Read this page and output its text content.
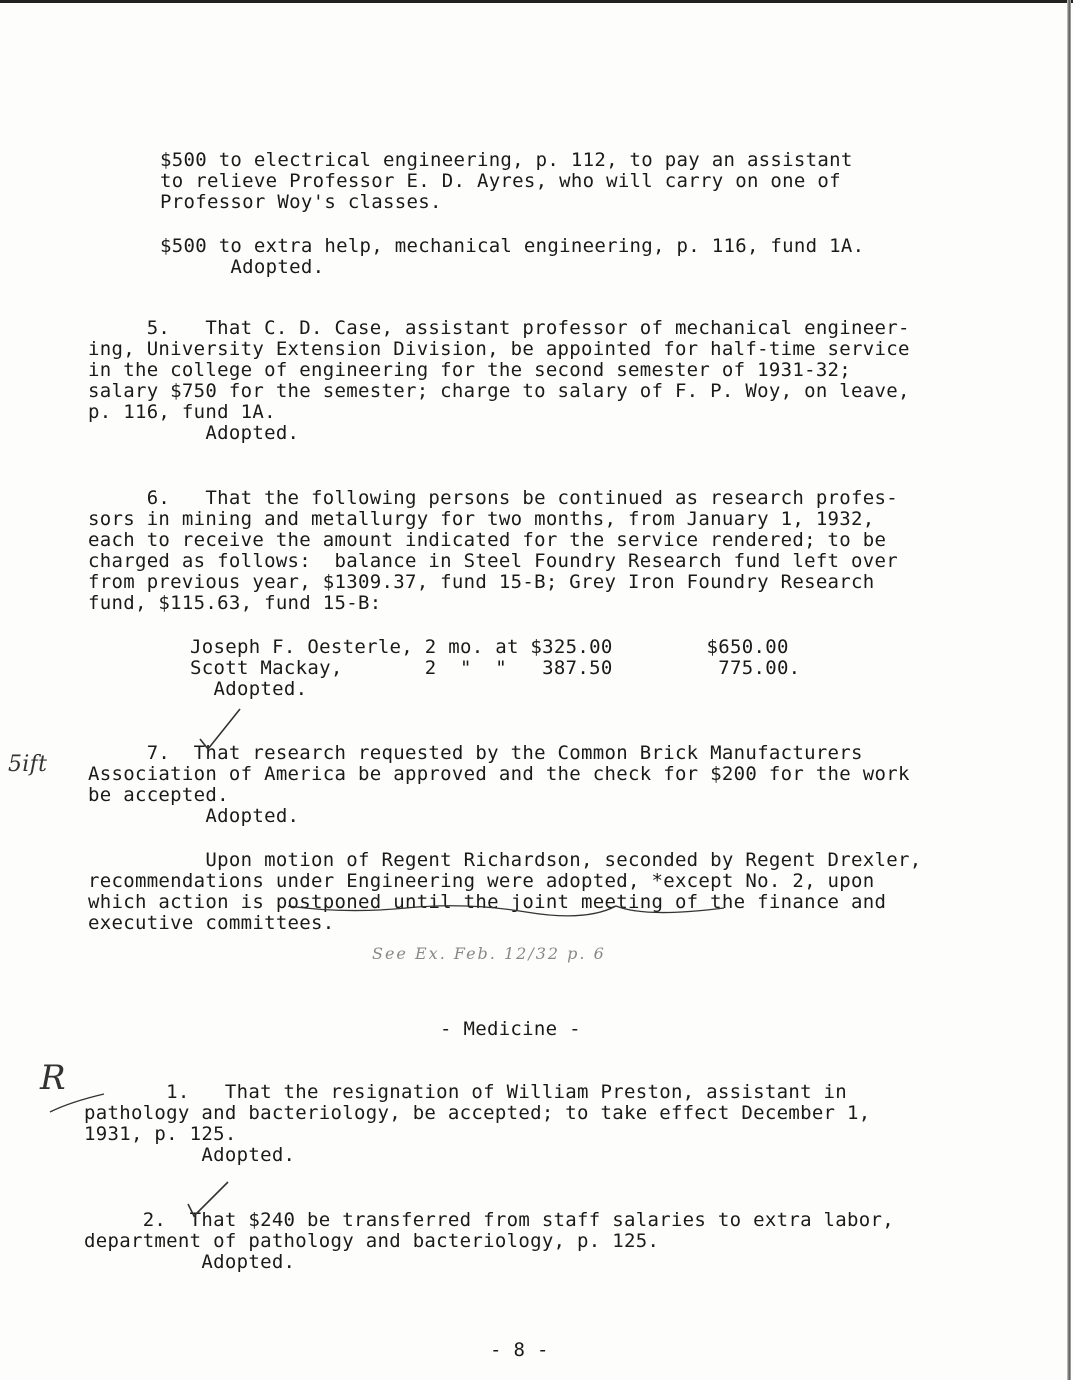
$500 to electrical engineering, p. 112, to pay an assistant
to relieve Professor E. D. Ayres, who will carry on one of
Professor Woy's classes.
$500 to extra help, mechanical engineering, p. 116, fund 1A.
Adopted.
5.   That C. D. Case, assistant professor of mechanical engineer-
ing, University Extension Division, be appointed for half-time service
in the college of engineering for the second semester of 1931-32;
salary $750 for the semester; charge to salary of F. P. Woy, on leave,
p. 116, fund 1A.
Adopted.
6.   That the following persons be continued as research profes-
sors in mining and metallurgy for two months, from January 1, 1932,
each to receive the amount indicated for the service rendered; to be
charged as follows:  balance in Steel Foundry Research fund left over
from previous year, $1309.37, fund 15-B; Grey Iron Foundry Research
fund, $115.63, fund 15-B:
Joseph F. Oesterle, 2 mo. at $325.00        $650.00
Scott Mackay,       2  "  "   387.50         775.00.
Adopted.
7.  That research requested by the Common Brick Manufacturers
Association of America be approved and the check for $200 for the work
be accepted.
Adopted.
Upon motion of Regent Richardson, seconded by Regent Drexler,
recommendations under Engineering were adopted, *except No. 2, upon
which action is postponed until the joint meeting of the finance and
executive committees.
- Medicine -
1.   That the resignation of William Preston, assistant in
pathology and bacteriology, be accepted; to take effect December 1,
1931, p. 125.
Adopted.
2.  That $240 be transferred from staff salaries to extra labor,
department of pathology and bacteriology, p. 125.
Adopted.
- 8 -
5ift
R
See Ex. Feb. 12/32 p. 6
